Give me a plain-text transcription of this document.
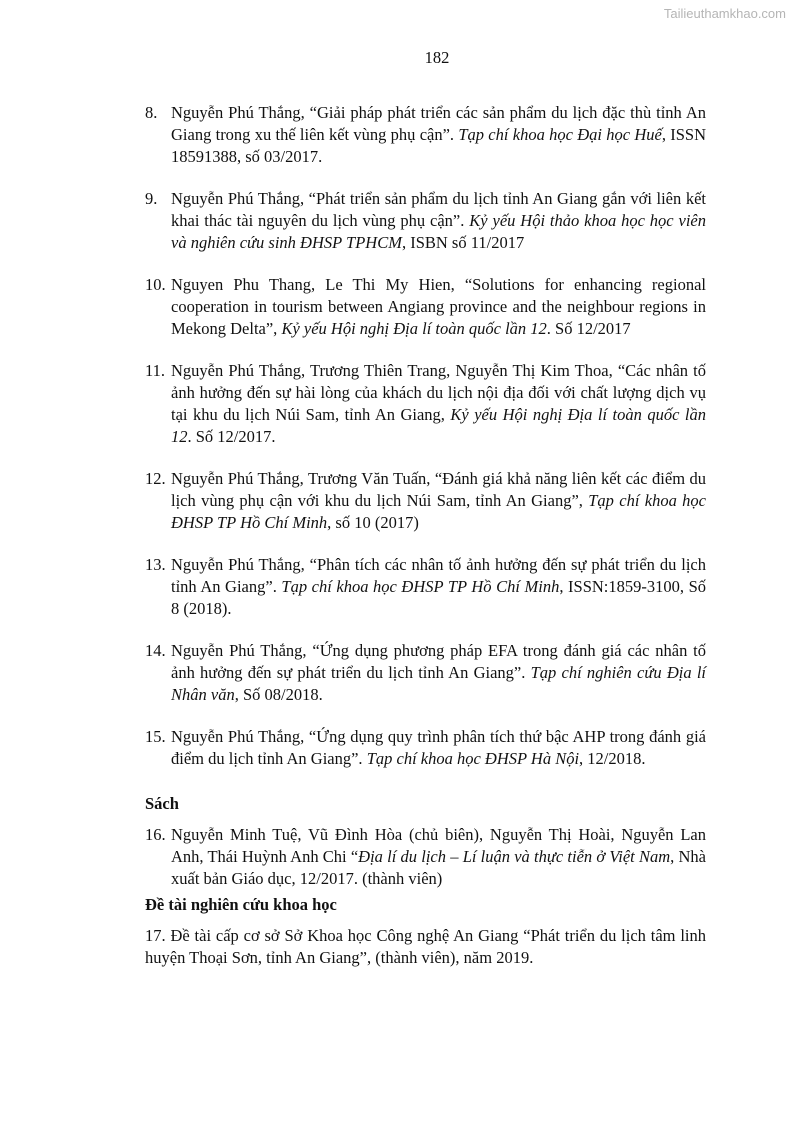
Tailieuthamkhao.com
182
8. Nguyễn Phú Thắng, “Giải pháp phát triển các sản phẩm du lịch đặc thù tỉnh An Giang trong xu thế liên kết vùng phụ cận”. Tạp chí khoa học Đại học Huế, ISSN 18591388, số 03/2017.
9. Nguyễn Phú Thắng, “Phát triển sản phẩm du lịch tỉnh An Giang gắn với liên kết khai thác tài nguyên du lịch vùng phụ cận”. Kỷ yếu Hội thảo khoa học học viên và nghiên cứu sinh ĐHSP TPHCM, ISBN số 11/2017
10. Nguyen Phu Thang, Le Thi My Hien, “Solutions for enhancing regional cooperation in tourism between Angiang province and the neighbour regions in Mekong Delta”, Kỷ yếu Hội nghị Địa lí toàn quốc lần 12. Số 12/2017
11. Nguyễn Phú Thắng, Trương Thiên Trang, Nguyễn Thị Kim Thoa, “Các nhân tố ảnh hưởng đến sự hài lòng của khách du lịch nội địa đối với chất lượng dịch vụ tại khu du lịch Núi Sam, tỉnh An Giang, Kỷ yếu Hội nghị Địa lí toàn quốc lần 12. Số 12/2017.
12. Nguyễn Phú Thắng, Trương Văn Tuấn, “Đánh giá khả năng liên kết các điểm du lịch vùng phụ cận với khu du lịch Núi Sam, tỉnh An Giang”, Tạp chí khoa học ĐHSP TP Hồ Chí Minh, số 10 (2017)
13. Nguyễn Phú Thắng, “Phân tích các nhân tố ảnh hưởng đến sự phát triển du lịch tỉnh An Giang”. Tạp chí khoa học ĐHSP TP Hồ Chí Minh, ISSN:1859-3100, Số 8 (2018).
14. Nguyễn Phú Thắng, “Ứng dụng phương pháp EFA trong đánh giá các nhân tố ảnh hưởng đến sự phát triển du lịch tỉnh An Giang”. Tạp chí nghiên cứu Địa lí Nhân văn, Số 08/2018.
15. Nguyễn Phú Thắng, “Ứng dụng quy trình phân tích thứ bậc AHP trong đánh giá điểm du lịch tỉnh An Giang”. Tạp chí khoa học ĐHSP Hà Nội, 12/2018.
Sách
16. Nguyễn Minh Tuệ, Vũ Đình Hòa (chủ biên), Nguyễn Thị Hoài, Nguyễn Lan Anh, Thái Huỳnh Anh Chi “Địa lí du lịch – Lí luận và thực tiễn ở Việt Nam, Nhà xuất bản Giáo dục, 12/2017. (thành viên)
Đề tài nghiên cứu khoa học
17. Đề tài cấp cơ sở Sở Khoa học Công nghệ An Giang “Phát triển du lịch tâm linh huyện Thoại Sơn, tỉnh An Giang”, (thành viên), năm 2019.
